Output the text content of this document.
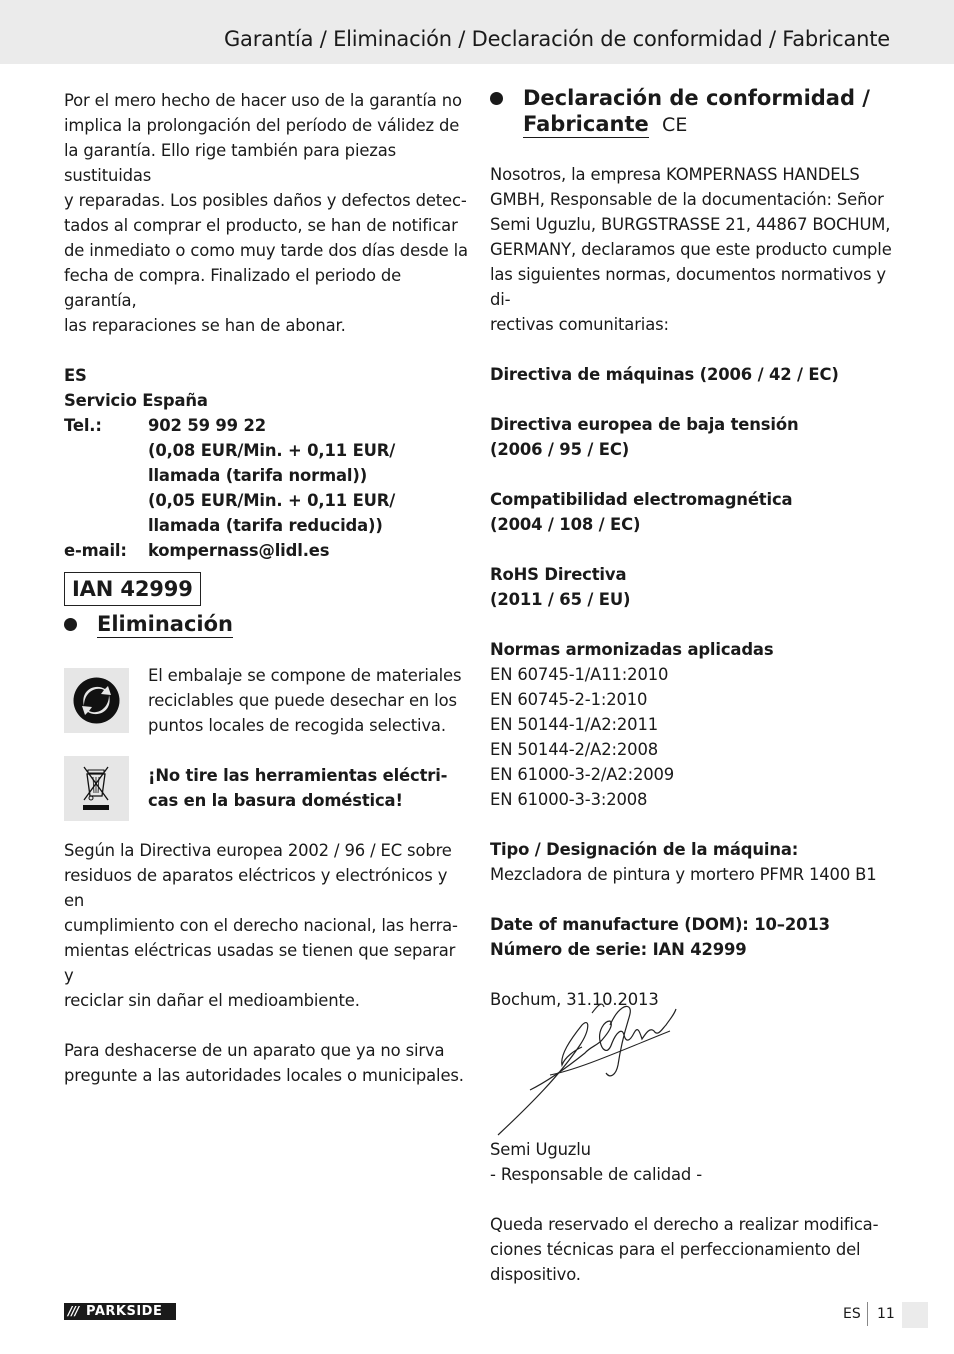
Garantía / Eliminación / Declaración de conformidad / Fabricante

Por el mero hecho de hacer uso de la garantía no

implica la prolongación del período de válidez de

la garantía. Ello rige también para piezas sustituidas

y reparadas. Los posibles daños y defectos detec-

tados al comprar el producto, se han de notificar

de inmediato o como muy tarde dos días desde la

fecha de compra. Finalizado el periodo de garantía,

las reparaciones se han de abonar.

ES

Servicio España

Tel.:	902 59 99 22
(0,08 EUR/Min. + 0,11 EUR/
llamada (tarifa normal))
(0,05 EUR/Min. + 0,11 EUR/
llamada (tarifa reducida))
e-mail:	kompernass@lidl.es
IAN 42999
Eliminación

El embalaje se compone de materiales

reciclables que puede desechar en los

puntos locales de recogida selectiva.

¡No tire las herramientas eléctri-

cas en la basura doméstica!

Según la Directiva europea 2002 / 96 / EC sobre

residuos de aparatos eléctricos y electrónicos y en

cumplimiento con el derecho nacional, las herra-

mientas eléctricas usadas se tienen que separar y

reciclar sin dañar el medioambiente.

Para deshacerse de un aparato que ya no sirva

pregunte a las autoridades locales o municipales.

Declaración de conformidad /
Fabricante CE

Nosotros, la empresa KOMPERNASS HANDELS

GMBH, Responsable de la documentación: Señor

Semi Uguzlu, BURGSTRASSE 21, 44867 BOCHUM,

GERMANY, declaramos que este producto cumple

las siguientes normas, documentos normativos y di-

rectivas comunitarias:

Directiva de máquinas (2006 / 42 / EC)

Directiva europea de baja tensión

(2006 / 95 / EC)

Compatibilidad electromagnética

(2004 / 108 / EC)

RoHS Directiva

(2011 / 65 / EU)

Normas armonizadas aplicadas

EN 60745-1/A11:2010

EN 60745-2-1:2010

EN 50144-1/A2:2011

EN 50144-2/A2:2008

EN 61000-3-2/A2:2009

EN 61000-3-3:2008

Tipo / Designación de la máquina:

Mezcladora de pintura y mortero PFMR 1400 B1

Date of manufacture (DOM): 10–2013

Número de serie: IAN 42999

Bochum, 31.10.2013

Semi Uguzlu

- Responsable de calidad -

Queda reservado el derecho a realizar modifica-

ciones técnicas para el perfeccionamiento del

dispositivo.

/// PARKSIDE	ES 11
